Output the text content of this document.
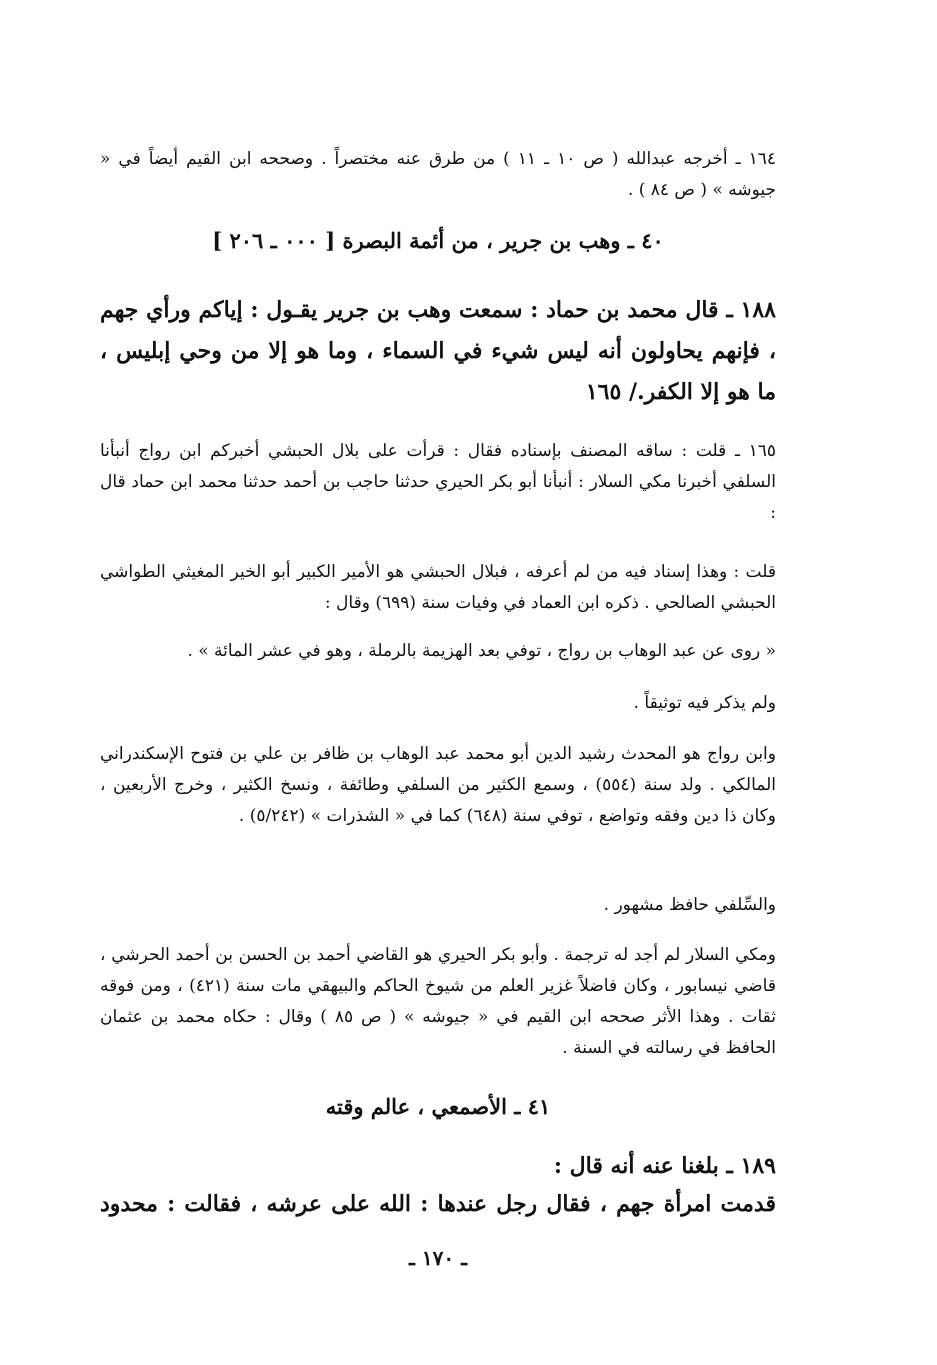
١٦٤ ـ أخرجه عبدالله ( ص ١٠ ـ ١١ ) من طرق عنه مختصراً . وصححه ابن القيم أيضاً في « جيوشه » ( ص ٨٤ ) .

٤٠ ـ وهب بن جرير ، من أئمة البصرة [ ٠٠٠ ـ ٢٠٦ ]

١٨٨ ـ قال محمد بن حماد : سمعت وهب بن جرير يقـول : إياكم ورأي جهم ، فإنهم يحاولون أنه ليس شيء في السماء ، وما هو إلا من وحي إبليس ، ما هو إلا الكفر./ ١٦٥

١٦٥ ـ قلت : ساقه المصنف بإسناده فقال : قرأت على بلال الحبشي أخبركم ابن رواج أنبأنا السلفي أخبرنا مكي السلار : أنبأنا أبو بكر الحيري حدثنا حاجب بن أحمد حدثنا محمد ابن حماد قال :

قلت : وهذا إسناد فيه من لم أعرفه ، فبلال الحبشي هو الأمير الكبير أبو الخير المغيثي الطواشي الحبشي الصالحي . ذكره ابن العماد في وفيات سنة (٦٩٩) وقال :

« روى عن عبد الوهاب بن رواج ، توفي بعد الهزيمة بالرملة ، وهو في عشر المائة » .

ولم يذكر فيه توثيقاً .

وابن رواج هو المحدث رشيد الدين أبو محمد عبد الوهاب بن ظافر بن علي بن فتوح الإسكندراني المالكي . ولد سنة (٥٥٤) ، وسمع الكثير من السلفي وطائفة ، ونسخ الكثير ، وخرج الأربعين ، وكان ذا دين وفقه وتواضع ، توفي سنة (٦٤٨) كما في « الشذرات » (٥/٢٤٢) .

والسِّلفي حافظ مشهور .

ومكي السلار لم أجد له ترجمة . وأبو بكر الحيري هو القاضي أحمد بن الحسن بن أحمد الحرشي ، قاضي نيسابور ، وكان فاضلاً غزير العلم من شيوخ الحاكم والبيهقي مات سنة (٤٢١) ، ومن فوقه ثقات . وهذا الأثر صححه ابن القيم في « جيوشه » ( ص ٨٥ ) وقال : حكاه محمد بن عثمان الحافظ في رسالته في السنة .

٤١ ـ الأصمعي ، عالم وقته

١٨٩ ـ بلغنا عنه أنه قال :

قدمت امرأة جهم ، فقال رجل عندها : الله على عرشه ، فقالت : محدود

ـ ١٧٠ ـ
